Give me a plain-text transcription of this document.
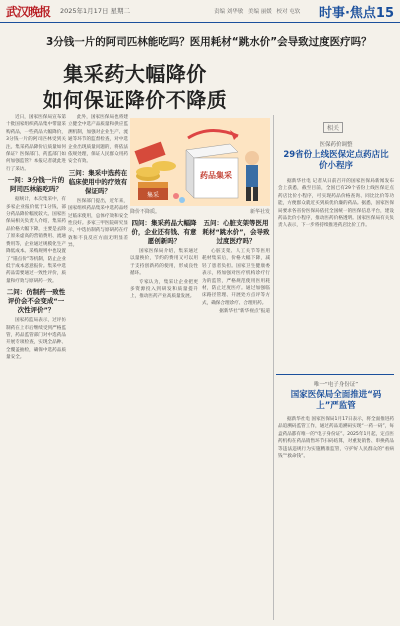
武汉晚报 2025年1月17日 星期二	责编 刘华敏 美编 丽媛 校对 屯软 时事·焦点15
3分钱一片的阿司匹林能吃吗？医用耗材“跳水价”会导致过度医疗吗？
集采药大幅降价
如何保证降价不降质
集采
药品集采
降价不降质。	新华社发

近日，国家医保局宣布第十批国家组织药品集中带量采购药品，一些药品大幅降价，3分钱一片的阿司匹林受到关注。集采药品降价后质量如何保证？医保部门、药监部门如何加强监管？本报记者就此进行了采访。

一问：3分钱一片的阿司匹林能吃吗？

据统计，本次集采中，有多家企业报价低于1分钱，部分药品降价幅度较大。国家医保局相关负责人介绍，集采药品价格大幅下降，主要是去除了原来虚高的营销费用、流通费用等，企业通过规模化生产降低成本。采购规则中也设置了“锚点价”等机制，防止企业低于成本恶意报价。集采中选药品需要通过一致性评价，质量和疗效与原研药一致。

二问：仿制药一致性评价会不会变成“一次性评价”？

国家药监局表示，过评仿制药在上市后继续受到严格监管，药品监管部门对中选药品开展专项检查，实现全品种、全覆盖抽检，确保中选药品质量安全。

此外，国家医保局也将建立健全中选产品质量和供应监测机制，加强对企业生产、流通等环节的监督检查，对中选企业出现质量问题的，将依法依规处理，保证人民群众用药安全有效。

三问：集采中选药在临床使用中的疗效有保证吗？

医保部门提出，近年来，国家组织药品集采中选药品经过临床使用，总体疗效和安全性良好。多家三甲医院研究显示，中选仿制药与原研药在疗效和不良反应方面无明显差异。

四问：集采药品大幅降价，企业还有钱、有意愿创新吗？

国家医保局介绍，集采通过以量换价，节约的费用又可以用于支持创新药的使用，形成良性循环。

专家认为，集采让企业把更多资源投入到研发和质量提升上，推动医药产业高质量发展。

五问：心脏支架等医用耗材“跳水价”，会导致过度医疗吗？

心脏支架、人工关节等医用耗材集采后，价格大幅下降，减轻了患者负担。国家卫生健康委表示，将加强对医疗机构诊疗行为的监管，严格规范使用医用耗材，防止过度医疗。通过加强临床路径管理、开展处方点评等方式，确保合理诊疗、合理用药。

据新华社“新华视点”报道

相关
医保药价调整
29省份上线医保定点药店比价小程序

据新华社电 记者从日前召开的国家医保局新闻发布会上获悉，截至目前，全国已有29个省份上线医保定点药店比价小程序，可实现药品价格查询、同比比价等功能，方便群众就近买到质优价廉的药品。据悉，国家医保局要求各省份医保局依托全国统一的医保信息平台，建设药品比价小程序，推动医药价格透明。国家医保局有关负责人表示，下一步将持续推进药店比价工作。

唯一“电子身份证”
国家医保局全面推进“码上”严监管

据新华社电 国家医保局1月17日表示，将全面推进药品追溯码监管工作，通过药品追溯码实现“一药一码”，每盒药品都有唯一的“电子身份证”。2025年1月起，定点医药机构在药品销售环节扫码结算，对重复销售、串换药品等违法违规行为实施精准监管，守护好人民群众的“看病钱”“救命钱”。
